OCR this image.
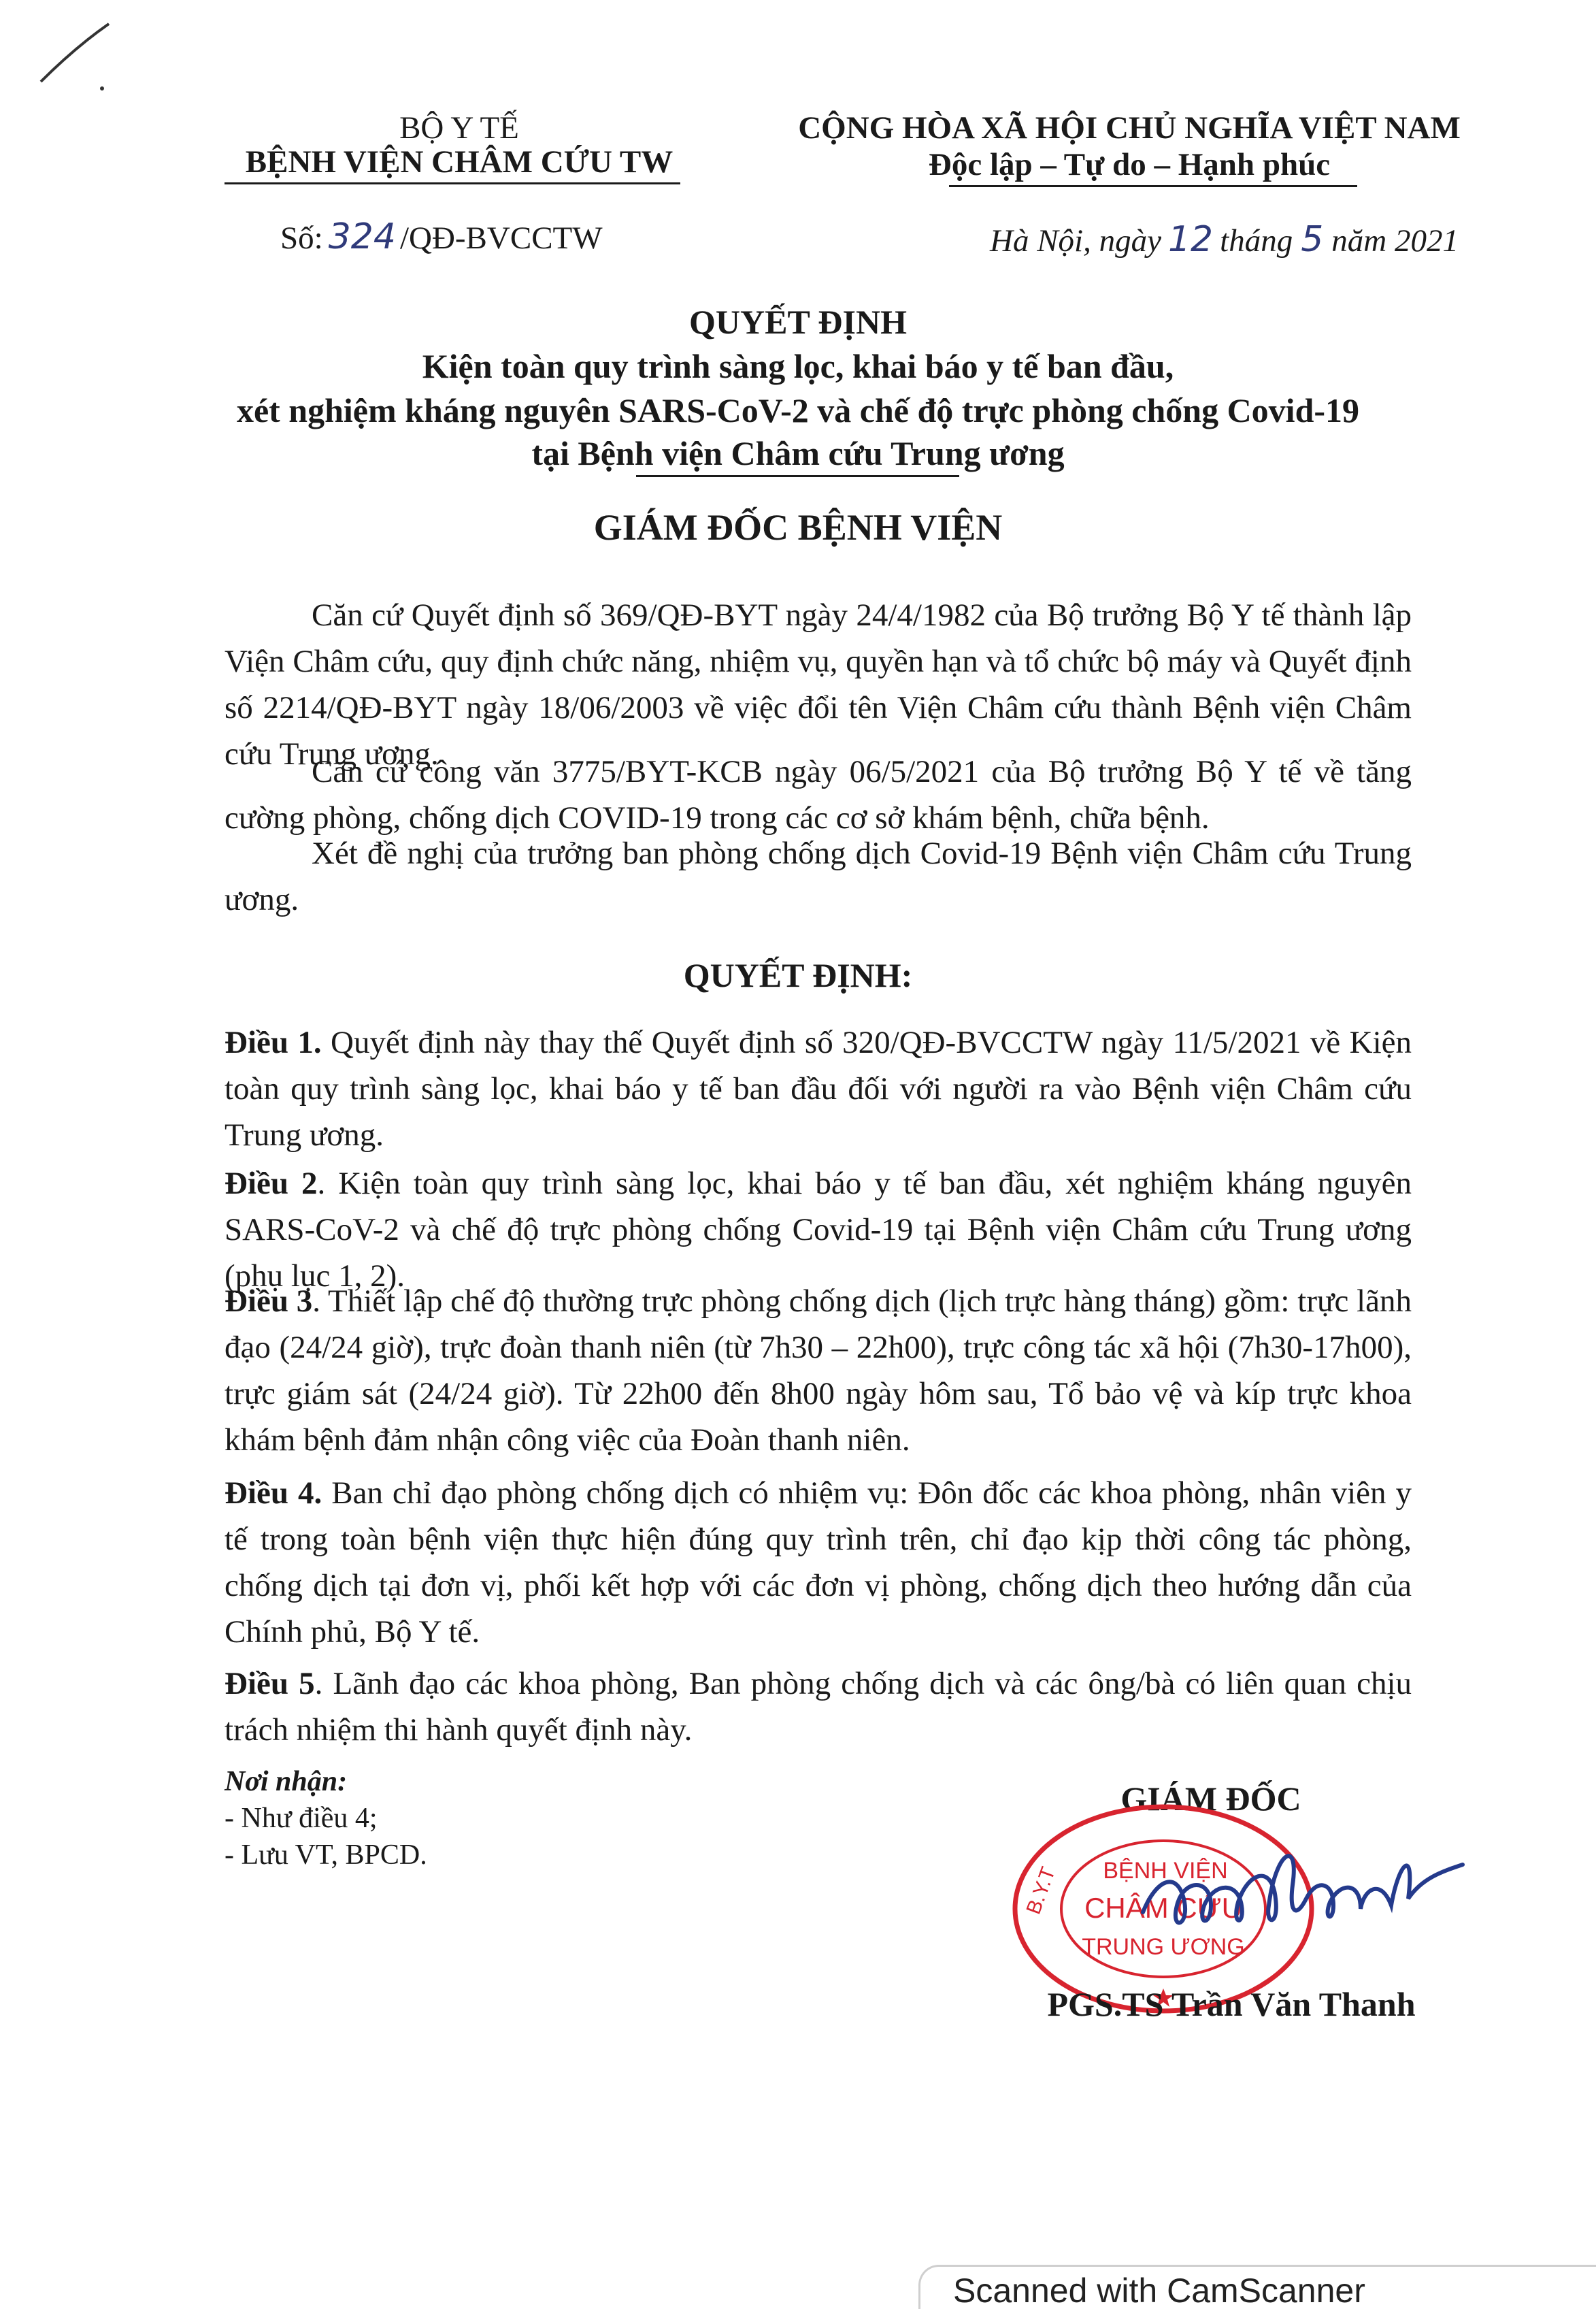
BỘ Y TẾ
BỆNH VIỆN CHÂM CỨU TW
Số: 324 /QĐ-BVCCTW
CỘNG HÒA XÃ HỘI CHỦ NGHĨA VIỆT NAM
Độc lập – Tự do – Hạnh phúc
Hà Nội, ngày 12 tháng 5 năm 2021
QUYẾT ĐỊNH
Kiện toàn quy trình sàng lọc, khai báo y tế ban đầu,
xét nghiệm kháng nguyên SARS-CoV-2 và chế độ trực phòng chống Covid-19
tại Bệnh viện Châm cứu Trung ương
GIÁM ĐỐC BỆNH VIỆN
Căn cứ Quyết định số 369/QĐ-BYT ngày 24/4/1982 của Bộ trưởng Bộ Y tế thành lập Viện Châm cứu, quy định chức năng, nhiệm vụ, quyền hạn và tổ chức bộ máy và Quyết định số 2214/QĐ-BYT ngày 18/06/2003 về việc đổi tên Viện Châm cứu thành Bệnh viện Châm cứu Trung ương.
Căn cứ công văn 3775/BYT-KCB ngày 06/5/2021 của Bộ trưởng Bộ Y tế về tăng cường phòng, chống dịch COVID-19 trong các cơ sở khám bệnh, chữa bệnh.
Xét đề nghị của trưởng ban phòng chống dịch Covid-19 Bệnh viện Châm cứu Trung ương.
QUYẾT ĐỊNH:
Điều 1. Quyết định này thay thế Quyết định số 320/QĐ-BVCCTW ngày 11/5/2021 về Kiện toàn quy trình sàng lọc, khai báo y tế ban đầu đối với người ra vào Bệnh viện Châm cứu Trung ương.
Điều 2. Kiện toàn quy trình sàng lọc, khai báo y tế ban đầu, xét nghiệm kháng nguyên SARS-CoV-2 và chế độ trực phòng chống Covid-19 tại Bệnh viện Châm cứu Trung ương (phụ lục 1, 2).
Điều 3. Thiết lập chế độ thường trực phòng chống dịch (lịch trực hàng tháng) gồm: trực lãnh đạo (24/24 giờ), trực đoàn thanh niên (từ 7h30 – 22h00), trực công tác xã hội (7h30-17h00), trực giám sát (24/24 giờ). Từ 22h00 đến 8h00 ngày hôm sau, Tổ bảo vệ và kíp trực khoa khám bệnh đảm nhận công việc của Đoàn thanh niên.
Điều 4. Ban chỉ đạo phòng chống dịch có nhiệm vụ: Đôn đốc các khoa phòng, nhân viên y tế trong toàn bệnh viện thực hiện đúng quy trình trên, chỉ đạo kịp thời công tác phòng, chống dịch tại đơn vị, phối kết hợp với các đơn vị phòng, chống dịch theo hướng dẫn của Chính phủ, Bộ Y tế.
Điều 5. Lãnh đạo các khoa phòng, Ban phòng chống dịch và các ông/bà có liên quan chịu trách nhiệm thi hành quyết định này.
Nơi nhận:
- Như điều 4;
- Lưu VT, BPCD.
GIÁM ĐỐC
B.Y.T BỆNH VIỆN
CHÂM CỨU
TRUNG ƯƠNG
PGS.TS Trần Văn Thanh
Scanned with CamScanner
